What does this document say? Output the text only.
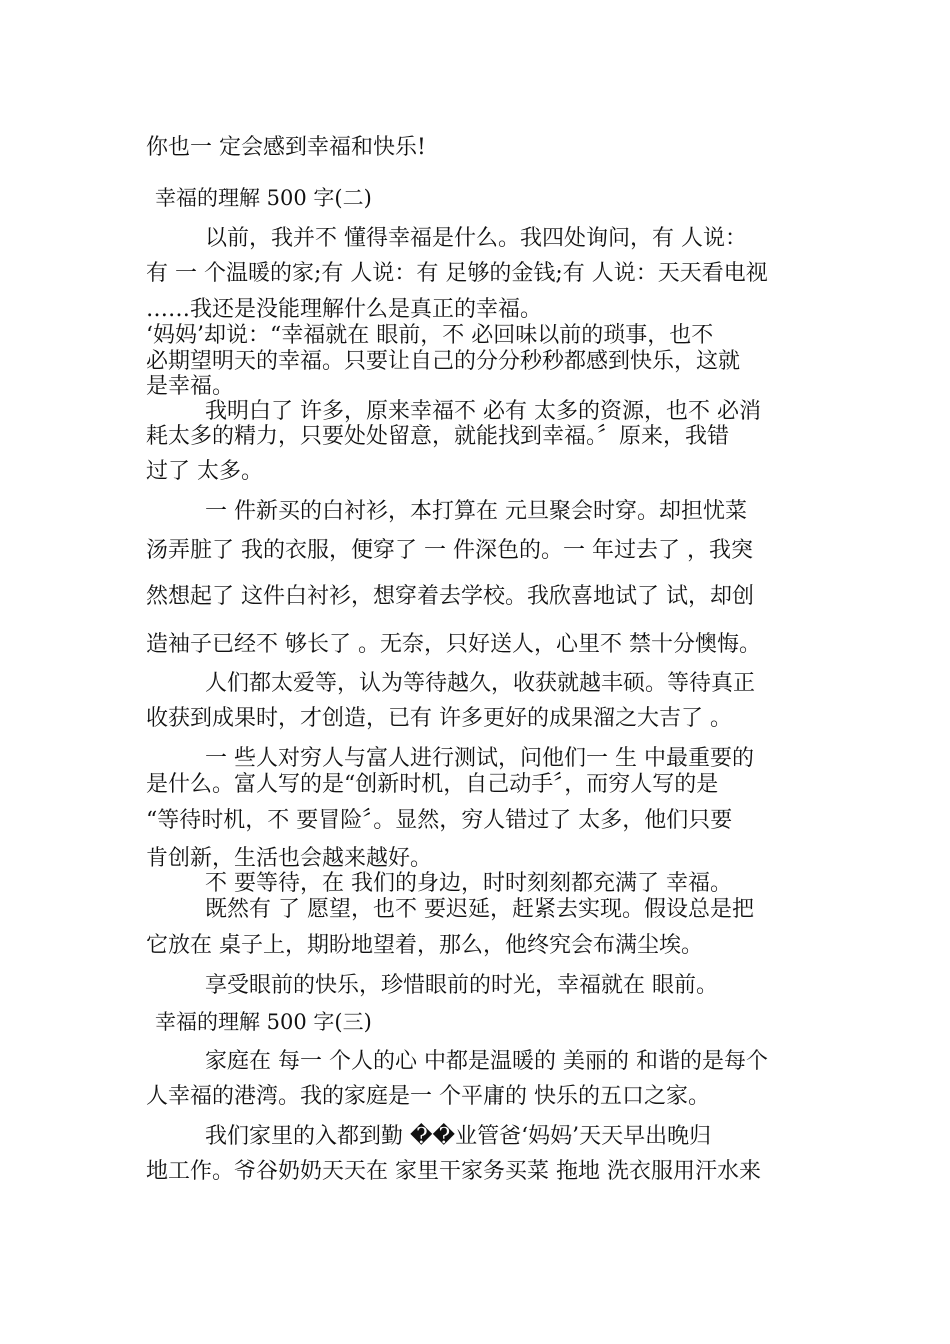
你也一 定会感到幸福和快乐!
幸福的理解 500 字(二)
以前，我并不 懂得幸福是什么。我四处询问，有 人说：
有 一 个温暖的家;有 人说：有 足够的金钱;有 人说：天天看电视
……我还是没能理解什么是真正的幸福。
‘妈妈’却说：“幸福就在 眼前，不 必回味以前的琐事，也不
必期望明天的幸福。只要让自己的分分秒秒都感到快乐，这就
是幸福。
我明白了 许多，原来幸福不 必有 太多的资源，也不 必消
耗太多的精力，只要处处留意，就能找到幸福。〞原来，我错
过了 太多。
一 件新买的白衬衫，本打算在 元旦聚会时穿。却担忧菜
汤弄脏了 我的衣服，便穿了 一 件深色的。一 年过去了 ，我突
然想起了 这件白衬衫，想穿着去学校。我欣喜地试了 试，却创
造袖子已经不 够长了 。无奈，只好送人，心里不 禁十分懊悔。
人们都太爱等，认为等待越久，收获就越丰硕。等待真正
收获到成果时，才创造，已有 许多更好的成果溜之大吉了 。
一 些人对穷人与富人进行测试，问他们一 生 中最重要的
是什么。富人写的是“创新时机，自己动手〞，而穷人写的是
“等待时机，不 要冒险〞。显然，穷人错过了 太多，他们只要
肯创新，生活也会越来越好。
不 要等待，在 我们的身边，时时刻刻都充满了 幸福。
既然有 了 愿望，也不 要迟延，赶紧去实现。假设总是把
它放在 桌子上，期盼地望着，那么，他终究会布满尘埃。
享受眼前的快乐，珍惜眼前的时光，幸福就在 眼前。
幸福的理解 500 字(三)
家庭在 每一 个人的心 中都是温暖的 美丽的 和谐的是每个
人幸福的港湾。我的家庭是一 个平庸的 快乐的五口之家。
我们家里的入都到勤 ��业管爸‘妈妈’天天早出晚归
地工作。爷谷奶奶天天在 家里干家务买菜 拖地 洗衣服用汗水来
